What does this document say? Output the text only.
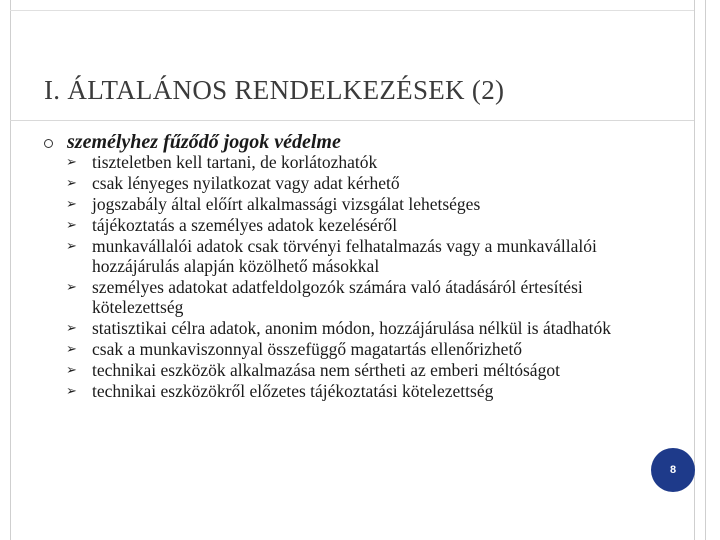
I. ÁLTALÁNOS RENDELKEZÉSEK (2)
személyhez fűződő jogok védelme
➢ tiszteletben kell tartani, de korlátozhatók
➢ csak lényeges nyilatkozat vagy adat kérhető
➢ jogszabály által előírt alkalmassági vizsgálat lehetséges
➢ tájékoztatás a személyes adatok kezeléséről
➢ munkavállalói adatok csak törvényi felhatalmazás vagy a munkavállalói hozzájárulás alapján közölhető másokkal
➢ személyes adatokat adatfeldolgozók számára való átadásáról értesítési kötelezettség
➢ statisztikai célra adatok, anonim módon, hozzájárulása nélkül is átadhatók
➢ csak a munkaviszonnyal összefüggő magatartás ellenőrizhető
➢ technikai eszközök alkalmazása nem sértheti az emberi méltóságot
➢ technikai eszközökről előzetes tájékoztatási kötelezettség
8
